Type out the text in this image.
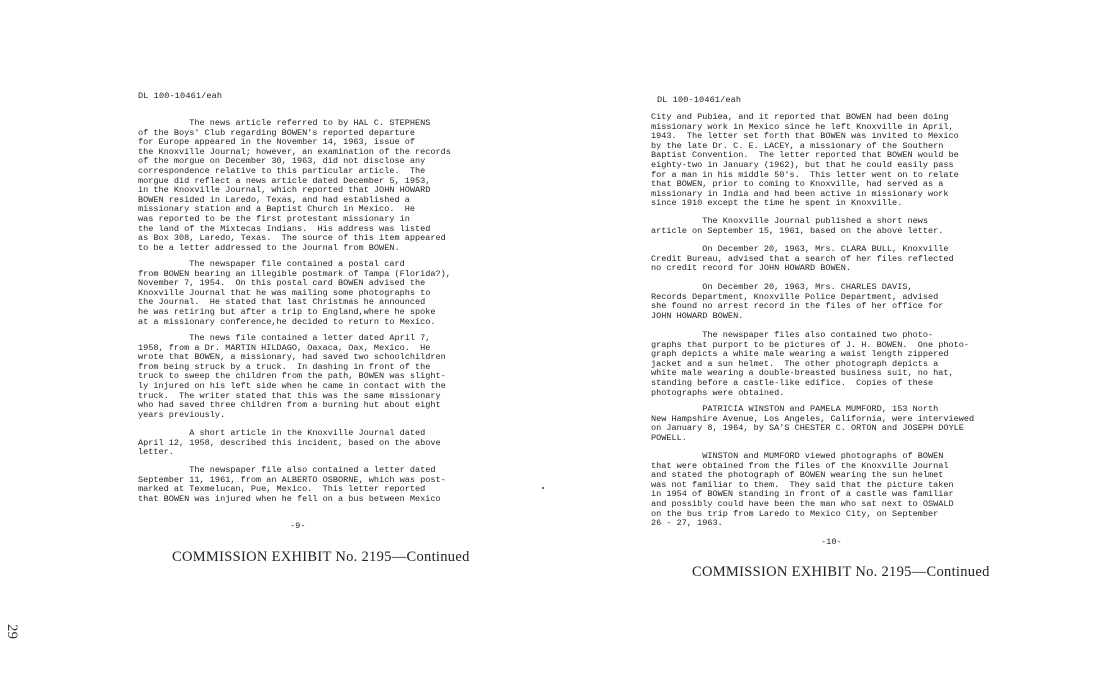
DL 100-10461/eah
The news article referred to by HAL C. STEPHENS
of the Boys' Club regarding BOWEN's reported departure
for Europe appeared in the November 14, 1963, issue of
the Knoxville Journal; however, an examination of the records
of the morgue on December 30, 1963, did not disclose any
correspondence relative to this particular article.  The
morgue did reflect a news article dated December 5, 1953,
in the Knoxville Journal, which reported that JOHN HOWARD
BOWEN resided in Laredo, Texas, and had established a
missionary station and a Baptist Church in Mexico.  He
was reported to be the first protestant missionary in
the land of the Mixtecas Indians.  His address was listed
as Box 308, Laredo, Texas.  The source of this item appeared
to be a letter addressed to the Journal from BOWEN.
The newspaper file contained a postal card
from BOWEN bearing an illegible postmark of Tampa (Florida?),
November 7, 1954.  On this postal card BOWEN advised the
Knoxville Journal that he was mailing some photographs to
the Journal.  He stated that last Christmas he announced
he was retiring but after a trip to England,where he spoke
at a missionary conference,he decided to return to Mexico.
The news file contained a letter dated April 7,
1958, from a Dr. MARTIN HILDAGO, Oaxaca, Oax, Mexico.  He
wrote that BOWEN, a missionary, had saved two schoolchildren
from being struck by a truck.  In dashing in front of the
truck to sweep the children from the path, BOWEN was slight-
ly injured on his left side when he came in contact with the
truck.  The writer stated that this was the same missionary
who had saved three children from a burning hut about eight
years previously.
A short article in the Knoxville Journal dated
April 12, 1958, described this incident, based on the above
letter.
The newspaper file also contained a letter dated
September 11, 1961, from an ALBERTO OSBORNE, which was post-
marked at Texmelucan, Pue, Mexico.  This letter reported
that BOWEN was injured when he fell on a bus between Mexico
-9-
COMMISSION EXHIBIT No. 2195—Continued
DL 100-10461/eah
City and Pubiea, and it reported that BOWEN had been doing
missionary work in Mexico since he left Knoxville in April,
1943.  The letter set forth that BOWEN was invited to Mexico
by the late Dr. C. E. LACEY, a missionary of the Southern
Baptist Convention.  The letter reported that BOWEN would be
eighty-two in January (1962), but that he could easily pass
for a man in his middle 50's.  This letter went on to relate
that BOWEN, prior to coming to Knoxville, had served as a
missionary in India and had been active in missionary work
since 1910 except the time he spent in Knoxville.
The Knoxville Journal published a short news
article on September 15, 1961, based on the above letter.
On December 20, 1963, Mrs. CLARA BULL, Knoxville
Credit Bureau, advised that a search of her files reflected
no credit record for JOHN HOWARD BOWEN.
On December 20, 1963, Mrs. CHARLES DAVIS,
Records Department, Knoxville Police Department, advised
she found no arrest record in the files of her office for
JOHN HOWARD BOWEN.
The newspaper files also contained two photo-
graphs that purport to be pictures of J. H. BOWEN.  One photo-
graph depicts a white male wearing a waist length zippered
jacket and a sun helmet.  The other photograph depicts a
white male wearing a double-breasted business suit, no hat,
standing before a castle-like edifice.  Copies of these
photographs were obtained.
PATRICIA WINSTON and PAMELA MUMFORD, 153 North
New Hampshire Avenue, Los Angeles, California, were interviewed
on January 8, 1964, by SA'S CHESTER C. ORTON and JOSEPH DOYLE
POWELL.
WINSTON and MUMFORD viewed photographs of BOWEN
that were obtained from the files of the Knoxville Journal
and stated the photograph of BOWEN wearing the sun helmet
was not familiar to them.  They said that the picture taken
in 1954 of BOWEN standing in front of a castle was familiar
and possibly could have been the man who sat next to OSWALD
on the bus trip from Laredo to Mexico City, on September
26 - 27, 1963.
-10-
COMMISSION EXHIBIT No. 2195—Continued
29
